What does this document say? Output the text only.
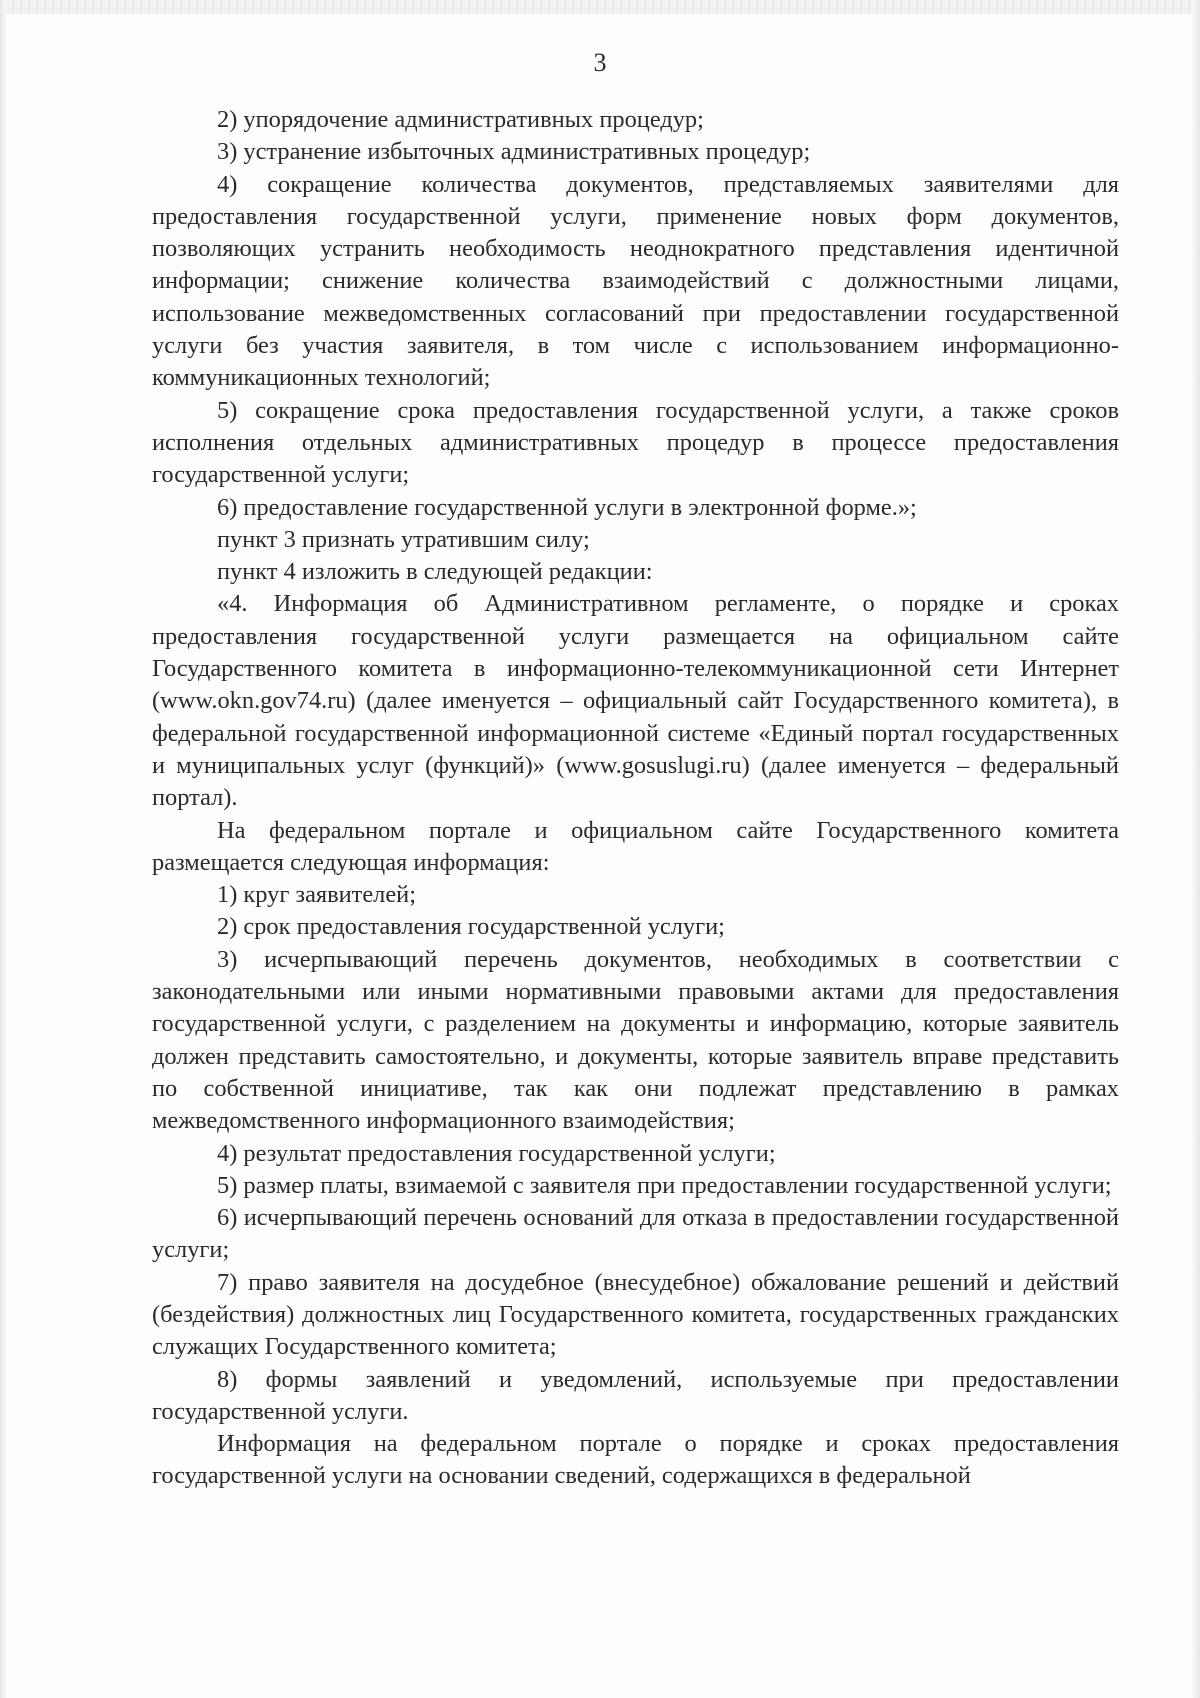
3

2) упорядочение административных процедур;

3) устранение избыточных административных процедур;

4) сокращение количества документов, представляемых заявителями для предоставления государственной услуги, применение новых форм документов, позволяющих устранить необходимость неоднократного представления идентичной информации; снижение количества взаимодействий с должностными лицами, использование межведомственных согласований при предоставлении государственной услуги без участия заявителя, в том числе с использованием информационно-коммуникационных технологий;

5) сокращение срока предоставления государственной услуги, а также сроков исполнения отдельных административных процедур в процессе предоставления государственной услуги;

6) предоставление государственной услуги в электронной форме.»;

пункт 3 признать утратившим силу;

пункт 4 изложить в следующей редакции:

«4. Информация об Административном регламенте, о порядке и сроках предоставления государственной услуги размещается на официальном сайте Государственного комитета в информационно-телекоммуникационной сети Интернет (www.okn.gov74.ru) (далее именуется – официальный сайт Государственного комитета), в федеральной государственной информационной системе «Единый портал государственных и муниципальных услуг (функций)» (www.gosuslugi.ru) (далее именуется – федеральный портал).

На федеральном портале и официальном сайте Государственного комитета размещается следующая информация:

1) круг заявителей;

2) срок предоставления государственной услуги;

3) исчерпывающий перечень документов, необходимых в соответствии с законодательными или иными нормативными правовыми актами для предоставления государственной услуги, с разделением на документы и информацию, которые заявитель должен представить самостоятельно, и документы, которые заявитель вправе представить по собственной инициативе, так как они подлежат представлению в рамках межведомственного информационного взаимодействия;

4) результат предоставления государственной услуги;

5) размер платы, взимаемой с заявителя при предоставлении государственной услуги;

6) исчерпывающий перечень оснований для отказа в предоставлении государственной услуги;

7) право заявителя на досудебное (внесудебное) обжалование решений и действий (бездействия) должностных лиц Государственного комитета, государственных гражданских служащих Государственного комитета;

8) формы заявлений и уведомлений, используемые при предоставлении государственной услуги.

Информация на федеральном портале о порядке и сроках предоставления государственной услуги на основании сведений, содержащихся в федеральной
